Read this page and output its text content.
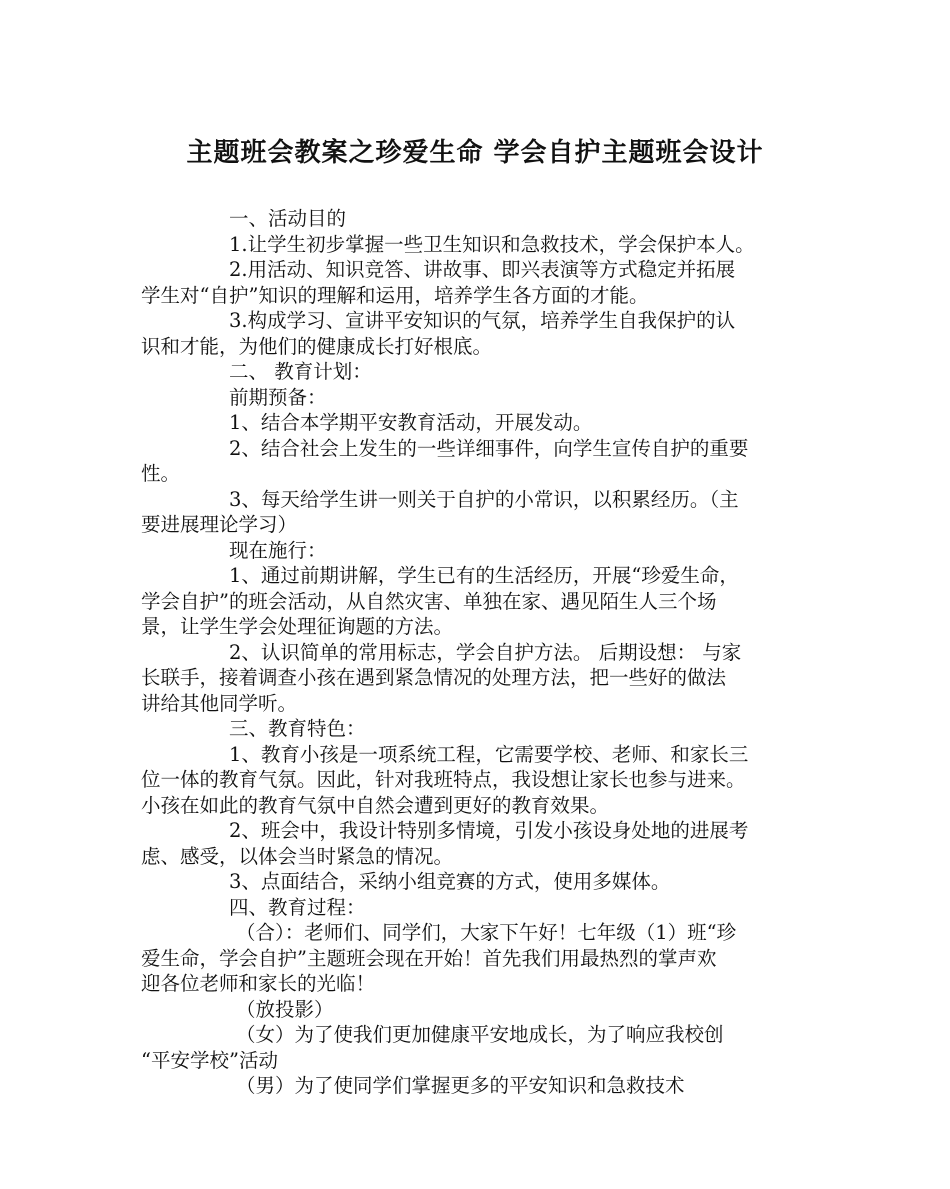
主题班会教案之珍爱生命 学会自护主题班会设计
一、活动目的
1.让学生初步掌握一些卫生知识和急救技术，学会保护本人。
2.用活动、知识竞答、讲故事、即兴表演等方式稳定并拓展
学生对“自护”知识的理解和运用，培养学生各方面的才能。
3.构成学习、宣讲平安知识的气氛，培养学生自我保护的认
识和才能，为他们的健康成长打好根底。
二、 教育计划：
前期预备：
1、结合本学期平安教育活动，开展发动。
2、结合社会上发生的一些详细事件，向学生宣传自护的重要
性。
3、每天给学生讲一则关于自护的小常识，以积累经历。（主
要进展理论学习）
现在施行：
1、通过前期讲解，学生已有的生活经历，开展“珍爱生命，
学会自护”的班会活动，从自然灾害、单独在家、遇见陌生人三个场
景，让学生学会处理征询题的方法。
2、认识简单的常用标志，学会自护方法。 后期设想： 与家
长联手，接着调查小孩在遇到紧急情况的处理方法，把一些好的做法
讲给其他同学听。
三、教育特色：
1、教育小孩是一项系统工程，它需要学校、老师、和家长三
位一体的教育气氛。因此，针对我班特点，我设想让家长也参与进来。
小孩在如此的教育气氛中自然会遭到更好的教育效果。
2、班会中，我设计特别多情境，引发小孩设身处地的进展考
虑、感受，以体会当时紧急的情况。
3、点面结合，采纳小组竞赛的方式，使用多媒体。
四、教育过程：
（合）：老师们、同学们，大家下午好！七年级（1）班“珍
爱生命，学会自护”主题班会现在开始！首先我们用最热烈的掌声欢
迎各位老师和家长的光临！
（放投影）
（女）为了使我们更加健康平安地成长，为了响应我校创
“平安学校”活动
（男）为了使同学们掌握更多的平安知识和急救技术
